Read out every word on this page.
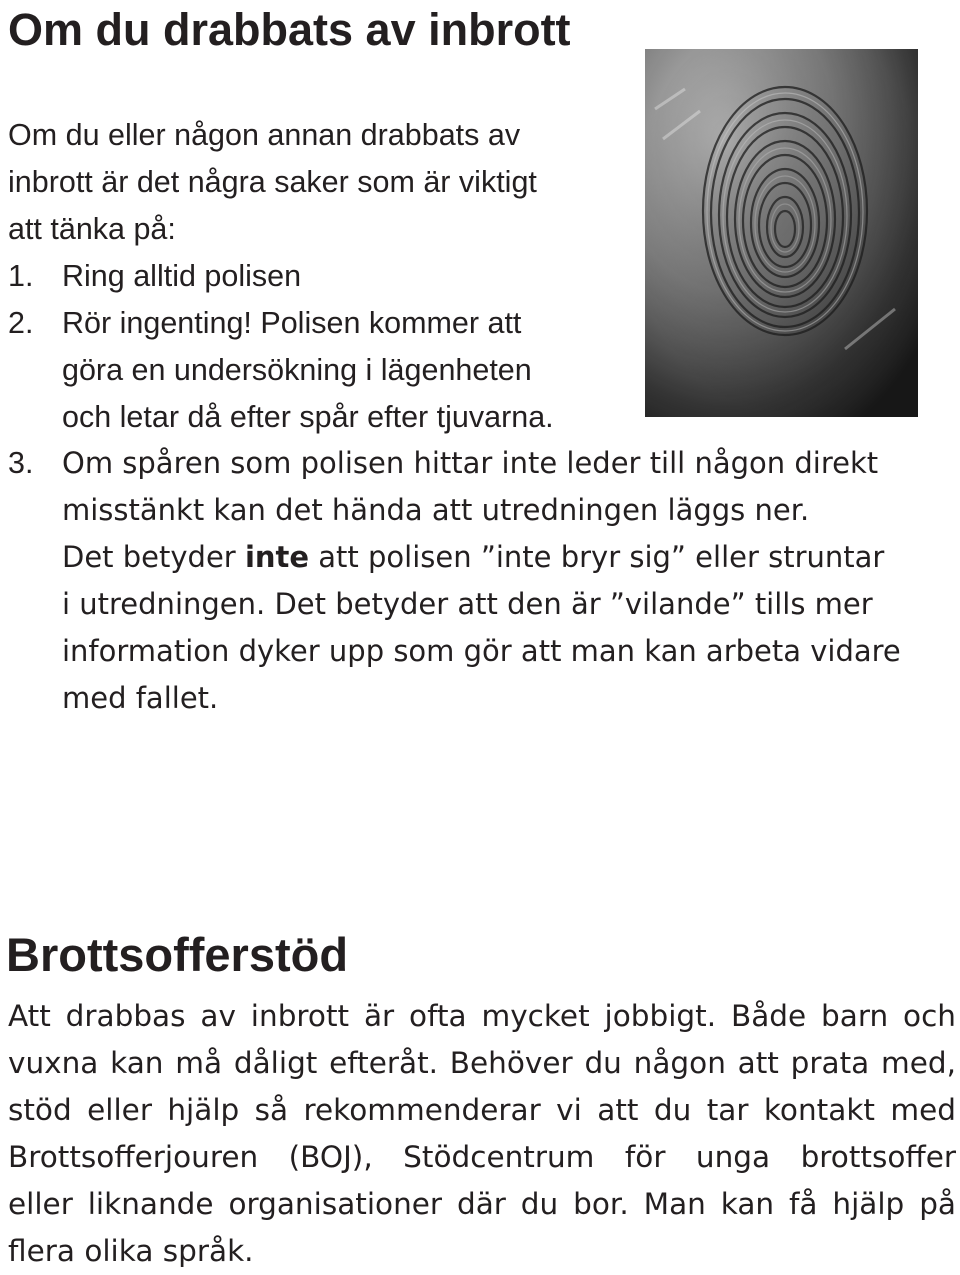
Om du drabbats av inbrott
Om du eller någon annan drabbats av
inbrott är det några saker som är viktigt
att tänka på:
1. Ring alltid polisen
2. Rör ingenting! Polisen kommer att
göra en undersökning i lägenheten
och letar då efter spår efter tjuvarna.
3. Om spåren som polisen hittar inte leder till någon direkt
misstänkt kan det hända att utredningen läggs ner.
Det betyder inte att polisen ”inte bryr sig” eller struntar
i utredningen. Det betyder att den är ”vilande” tills mer
information dyker upp som gör att man kan arbeta vidare
med fallet.
Brottsofferstöd
Att drabbas av inbrott är ofta mycket jobbigt. Både barn och
vuxna kan må dåligt efteråt. Behöver du någon att prata med,
stöd eller hjälp så rekommenderar vi att du tar kontakt med
Brottsofferjouren (BOJ), Stödcentrum för unga brottsoffer
eller liknande organisationer där du bor. Man kan få hjälp på
flera olika språk.
